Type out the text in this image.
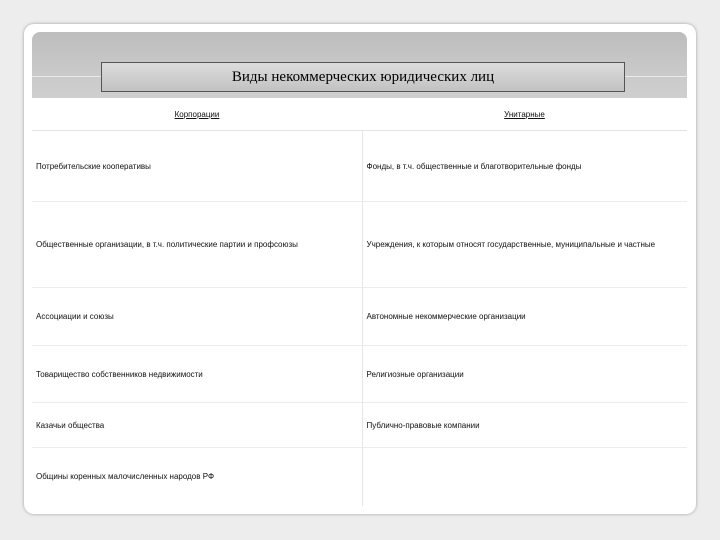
Корпорации	Унитарные
Потребительские кооперативы	Фонды, в т.ч. общественные и благотворительные фонды
Общественные организации, в т.ч. политические партии и профсоюзы	Учреждения, к которым относят государственные, муниципальные и частные
Ассоциации и союзы	Автономные некоммерческие организации
Товарищество собственников недвижимости	Религиозные организации
Казачьи общества	Публично-правовые компании
Общины коренных малочисленных народов РФ	
Виды некоммерческих юридических лиц
